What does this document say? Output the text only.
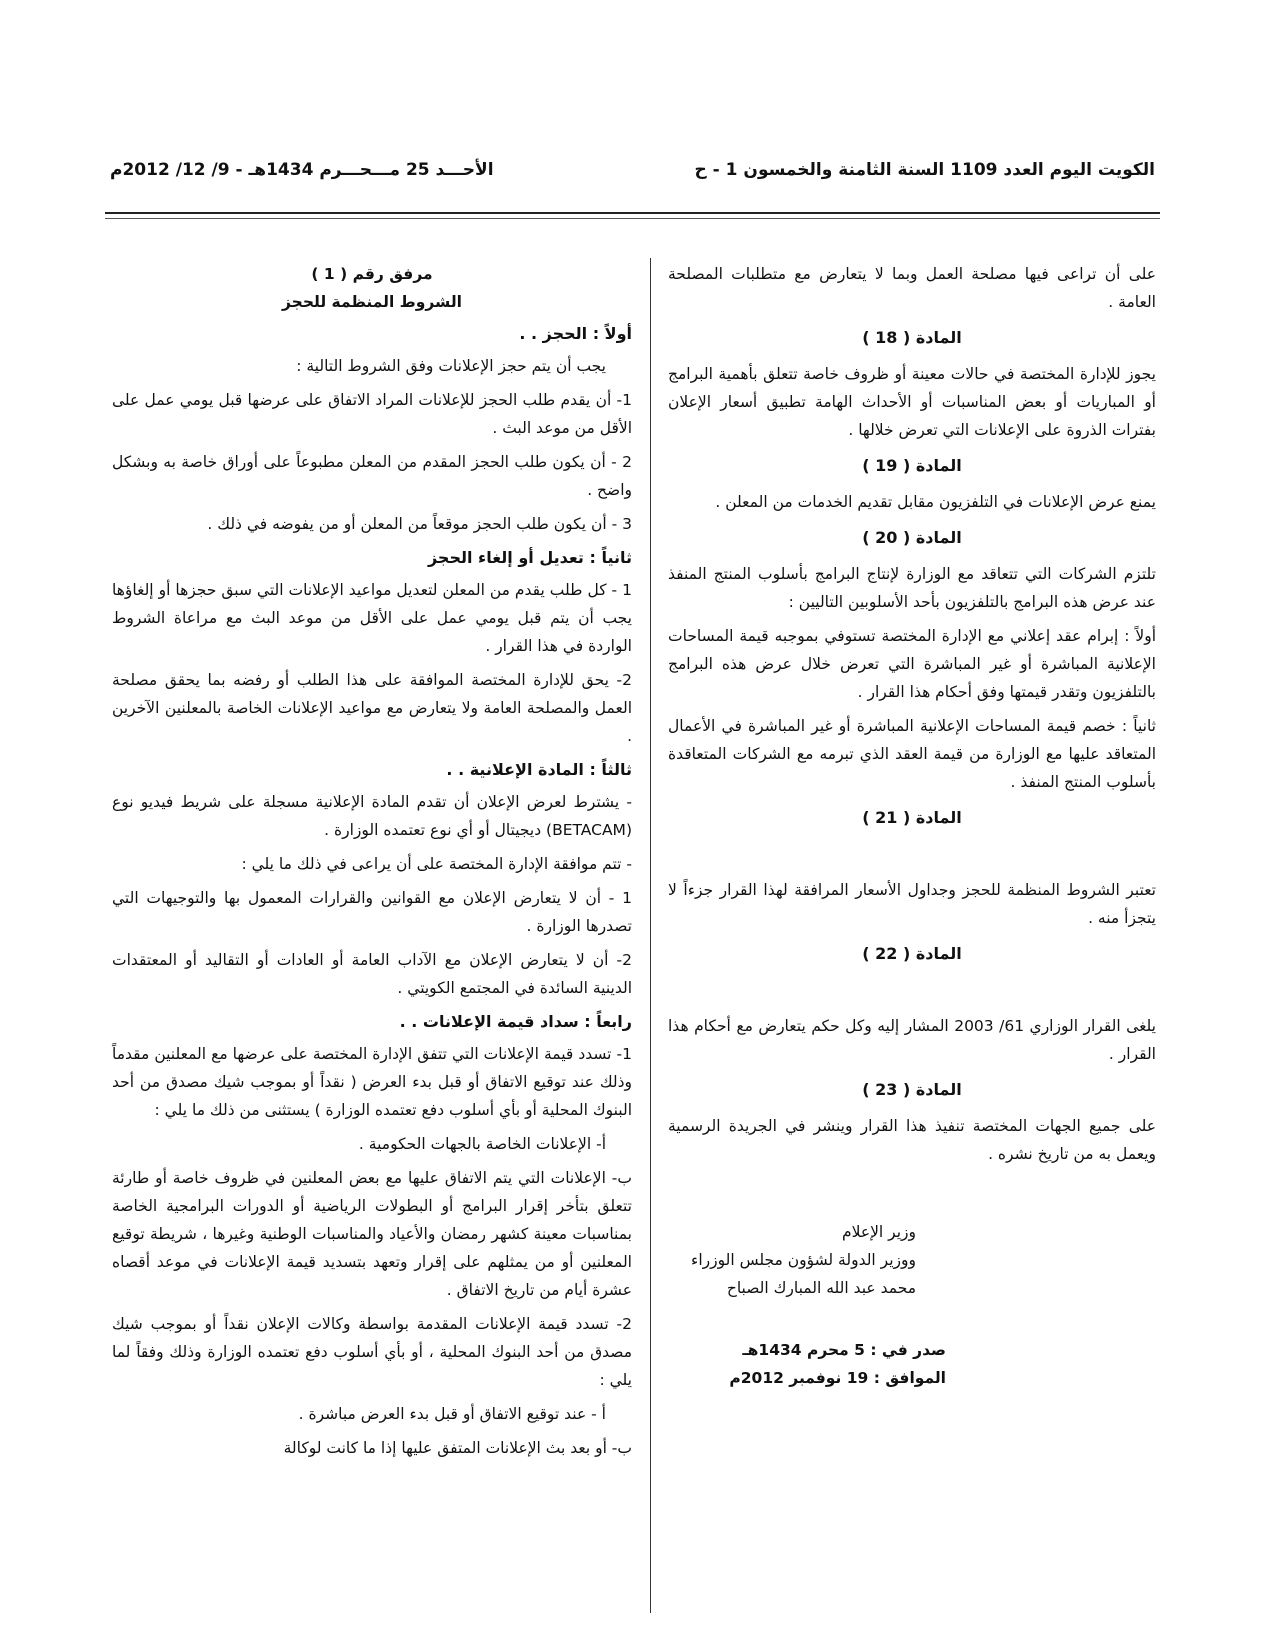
الكويت اليوم العدد 1109 السنة الثامنة والخمسون 1 - ح
الأحـــد 25 مـــحـــرم 1434هـ - 9/ 12/ 2012م

على أن تراعى فيها مصلحة العمل وبما لا يتعارض مع متطلبات المصلحة العامة .

المادة ( 18 )

يجوز للإدارة المختصة في حالات معينة أو ظروف خاصة تتعلق بأهمية البرامج أو المباريات أو بعض المناسبات أو الأحداث الهامة تطبيق أسعار الإعلان بفترات الذروة على الإعلانات التي تعرض خلالها .

المادة ( 19 )

يمنع عرض الإعلانات في التلفزيون مقابل تقديم الخدمات من المعلن .

المادة ( 20 )

تلتزم الشركات التي تتعاقد مع الوزارة لإنتاج البرامج بأسلوب المنتج المنفذ عند عرض هذه البرامج بالتلفزيون بأحد الأسلوبين التاليين :

أولاً : إبرام عقد إعلاني مع الإدارة المختصة تستوفي بموجبه قيمة المساحات الإعلانية المباشرة أو غير المباشرة التي تعرض خلال عرض هذه البرامج بالتلفزيون وتقدر قيمتها وفق أحكام هذا القرار .

ثانياً : خصم قيمة المساحات الإعلانية المباشرة أو غير المباشرة في الأعمال المتعاقد عليها مع الوزارة من قيمة العقد الذي تبرمه مع الشركات المتعاقدة بأسلوب المنتج المنفذ .

المادة ( 21 )

تعتبر الشروط المنظمة للحجز وجداول الأسعار المرافقة لهذا القرار جزءاً لا يتجزأ منه .

المادة ( 22 )

يلغى القرار الوزاري 61/ 2003 المشار إليه وكل حكم يتعارض مع أحكام هذا القرار .

المادة ( 23 )

على جميع الجهات المختصة تنفيذ هذا القرار وينشر في الجريدة الرسمية ويعمل به من تاريخ نشره .

وزير الإعلام
ووزير الدولة لشؤون مجلس الوزراء
محمد عبد الله المبارك الصباح
صدر في : 5 محرم 1434هـ
الموافق : 19 نوفمبر 2012م
مرفق رقم ( 1 )
الشروط المنظمة للحجز
أولاً : الحجز . .

يجب أن يتم حجز الإعلانات وفق الشروط التالية :

1- أن يقدم طلب الحجز للإعلانات المراد الاتفاق على عرضها قبل يومي عمل على الأقل من موعد البث .

2 - أن يكون طلب الحجز المقدم من المعلن مطبوعاً على أوراق خاصة به وبشكل واضح .

3 - أن يكون طلب الحجز موقعاً من المعلن أو من يفوضه في ذلك .

ثانياً : تعديل أو إلغاء الحجز

1 - كل طلب يقدم من المعلن لتعديل مواعيد الإعلانات التي سبق حجزها أو إلغاؤها يجب أن يتم قبل يومي عمل على الأقل من موعد البث مع مراعاة الشروط الواردة في هذا القرار .

2- يحق للإدارة المختصة الموافقة على هذا الطلب أو رفضه بما يحقق مصلحة العمل والمصلحة العامة ولا يتعارض مع مواعيد الإعلانات الخاصة بالمعلنين الآخرين .

ثالثاً : المادة الإعلانية . .

- يشترط لعرض الإعلان أن تقدم المادة الإعلانية مسجلة على شريط فيديو نوع (BETACAM) ديجيتال أو أي نوع تعتمده الوزارة .

- تتم موافقة الإدارة المختصة على أن يراعى في ذلك ما يلي :

1 - أن لا يتعارض الإعلان مع القوانين والقرارات المعمول بها والتوجيهات التي تصدرها الوزارة .

2- أن لا يتعارض الإعلان مع الآداب العامة أو العادات أو التقاليد أو المعتقدات الدينية السائدة في المجتمع الكويتي .

رابعاً : سداد قيمة الإعلانات . .

1- تسدد قيمة الإعلانات التي تتفق الإدارة المختصة على عرضها مع المعلنين مقدماً وذلك عند توقيع الاتفاق أو قبل بدء العرض ( نقداً أو بموجب شيك مصدق من أحد البنوك المحلية أو بأي أسلوب دفع تعتمده الوزارة ) يستثنى من ذلك ما يلي :

أ- الإعلانات الخاصة بالجهات الحكومية .

ب- الإعلانات التي يتم الاتفاق عليها مع بعض المعلنين في ظروف خاصة أو طارئة تتعلق بتأخر إقرار البرامج أو البطولات الرياضية أو الدورات البرامجية الخاصة بمناسبات معينة كشهر رمضان والأعياد والمناسبات الوطنية وغيرها ، شريطة توقيع المعلنين أو من يمثلهم على إقرار وتعهد بتسديد قيمة الإعلانات في موعد أقصاه عشرة أيام من تاريخ الاتفاق .

2- تسدد قيمة الإعلانات المقدمة بواسطة وكالات الإعلان نقداً أو بموجب شيك مصدق من أحد البنوك المحلية ، أو بأي أسلوب دفع تعتمده الوزارة وذلك وفقاً لما يلي :

أ - عند توقيع الاتفاق أو قبل بدء العرض مباشرة .

ب- أو بعد بث الإعلانات المتفق عليها إذا ما كانت لوكالة
